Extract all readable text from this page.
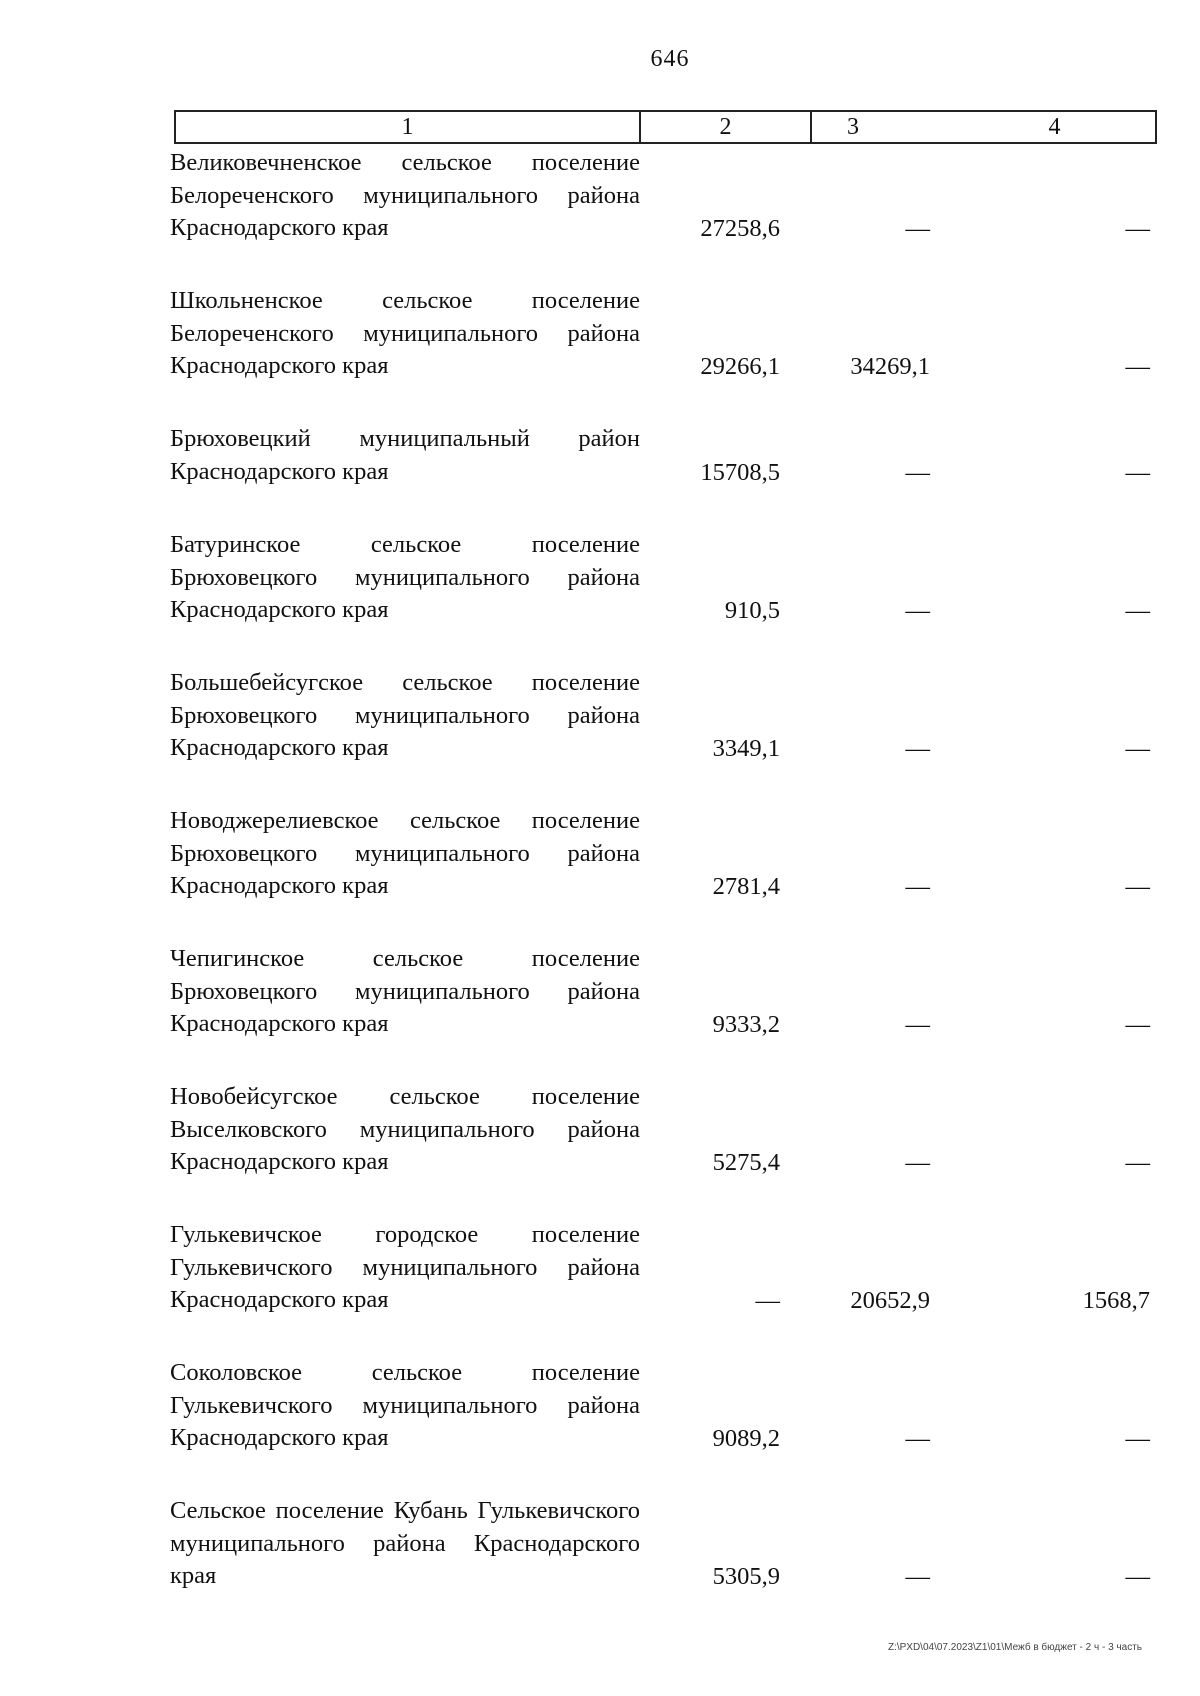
646
1	2	3	4
Великовечненское сельское поселение Белореченского муниципального района Краснодарского края	27258,6	—	—
Школьненское сельское поселение Белореченского муниципального района Краснодарского края	29266,1	34269,1	—
Брюховецкий муниципальный район Краснодарского края	15708,5	—	—
Батуринское сельское поселение Брюховецкого муниципального района Краснодарского края	910,5	—	—
Большебейсугское сельское поселение Брюховецкого муниципального района Краснодарского края	3349,1	—	—
Новоджерелиевское сельское поселение Брюховецкого муниципального района Краснодарского края	2781,4	—	—
Чепигинское сельское поселение Брюховецкого муниципального района Краснодарского края	9333,2	—	—
Новобейсугское сельское поселение Выселковского муниципального района Краснодарского края	5275,4	—	—
Гулькевичское городское поселение Гулькевичского муниципального района Краснодарского края	—	20652,9	1568,7
Соколовское сельское поселение Гулькевичского муниципального района Краснодарского края	9089,2	—	—
Сельское поселение Кубань Гулькевичского муниципального района Краснодарского края	5305,9	—	—
Z:\PXD\04\07.2023\Z1\01\Межб в бюджет - 2 ч - 3 часть
